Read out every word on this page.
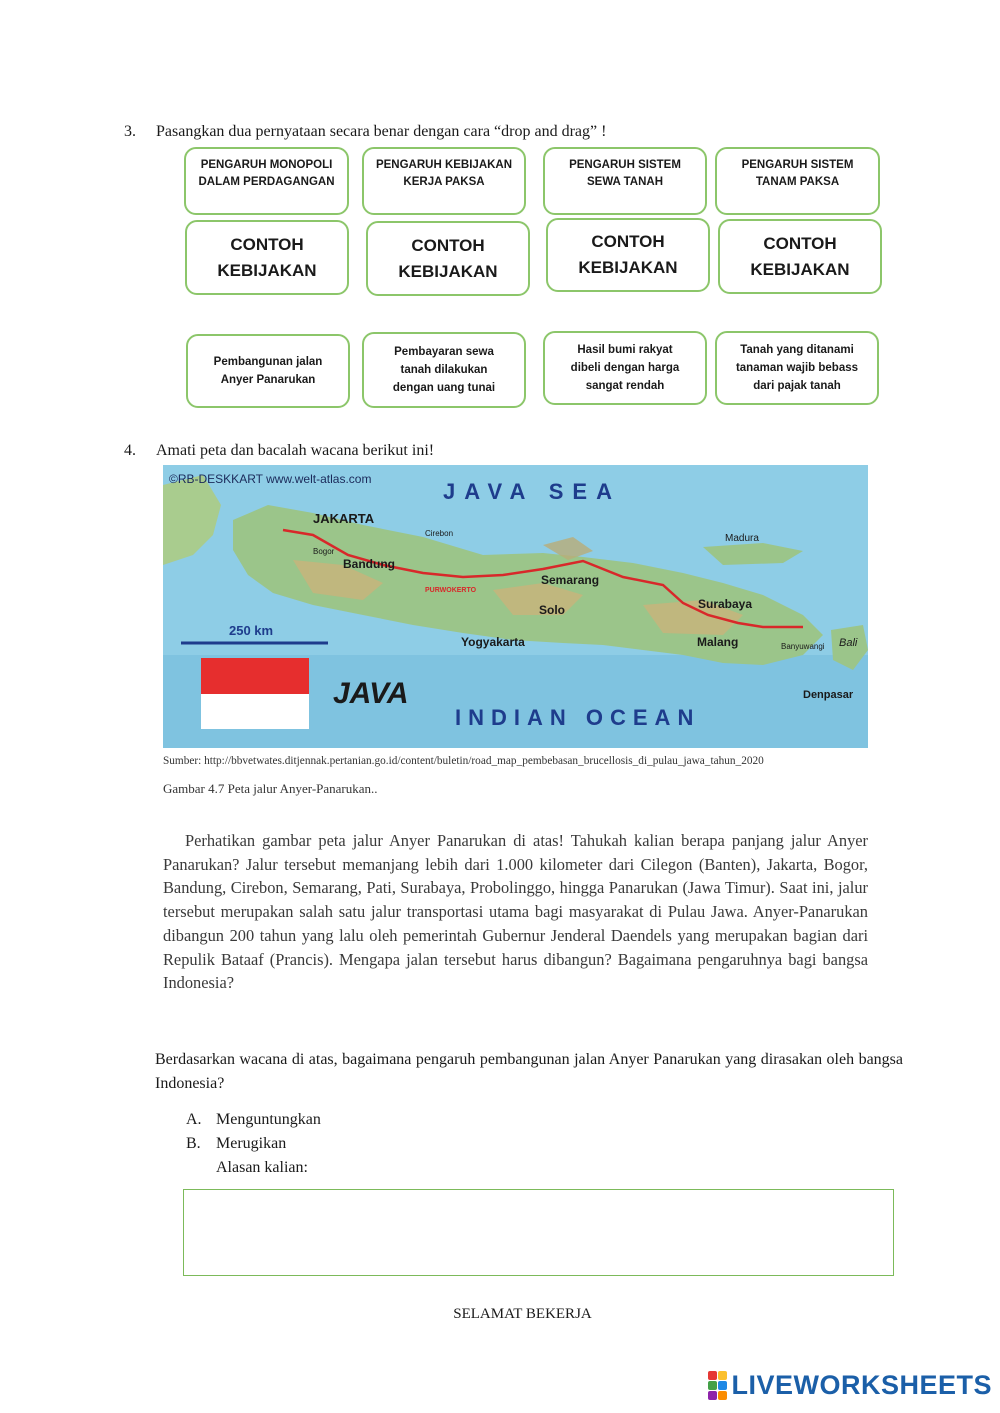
3. Pasangkan dua pernyataan secara benar dengan cara “drop and drag” !
PENGARUH MONOPOLI DALAM PERDAGANGAN
PENGARUH KEBIJAKAN KERJA PAKSA
PENGARUH SISTEM SEWA TANAH
PENGARUH SISTEM TANAM PAKSA
CONTOH KEBIJAKAN
CONTOH KEBIJAKAN
CONTOH KEBIJAKAN
CONTOH KEBIJAKAN
Pembangunan jalan Anyer Panarukan
Pembayaran sewa tanah dilakukan dengan uang tunai
Hasil bumi rakyat dibeli dengan harga sangat rendah
Tanah yang ditanami tanaman wajib bebass dari pajak tanah
4. Amati peta dan bacalah wacana berikut ini!
©RB-DESKKART www.welt-atlas.com	JAVA SEA
INDIAN OCEAN
JAVA
250 km
JAKARTA
Bogor
Bandung
Cirebon
PURWOKERTO
Semarang
Solo
Yogyakarta
Madura
Surabaya
Malang	Banyuwangi Bali
Denpasar
Sumber: http://bbvetwates.ditjennak.pertanian.go.id/content/buletin/road_map_pembebasan_brucellosis_di_pulau_jawa_tahun_2020
Gambar 4.7 Peta jalur Anyer-Panarukan..

Perhatikan gambar peta jalur Anyer Panarukan di atas! Tahukah kalian berapa panjang jalur Anyer Panarukan? Jalur tersebut memanjang lebih dari 1.000 kilometer dari Cilegon (Banten), Jakarta, Bogor, Bandung, Cirebon, Semarang, Pati, Surabaya, Probolinggo, hingga Panarukan (Jawa Timur). Saat ini, jalur tersebut merupakan salah satu jalur transportasi utama bagi masyarakat di Pulau Jawa. Anyer-Panarukan dibangun 200 tahun yang lalu oleh pemerintah Gubernur Jenderal Daendels yang merupakan bagian dari Repulik Bataaf (Prancis). Mengapa jalan tersebut harus dibangun? Bagaimana pengaruhnya bagi bangsa Indonesia?

Berdasarkan wacana di atas, bagaimana pengaruh pembangunan jalan Anyer Panarukan yang dirasakan oleh bangsa Indonesia?
A. Menguntungkan
B. Merugikan
Alasan kalian:
SELAMAT BEKERJA
LIVEWORKSHEETS
